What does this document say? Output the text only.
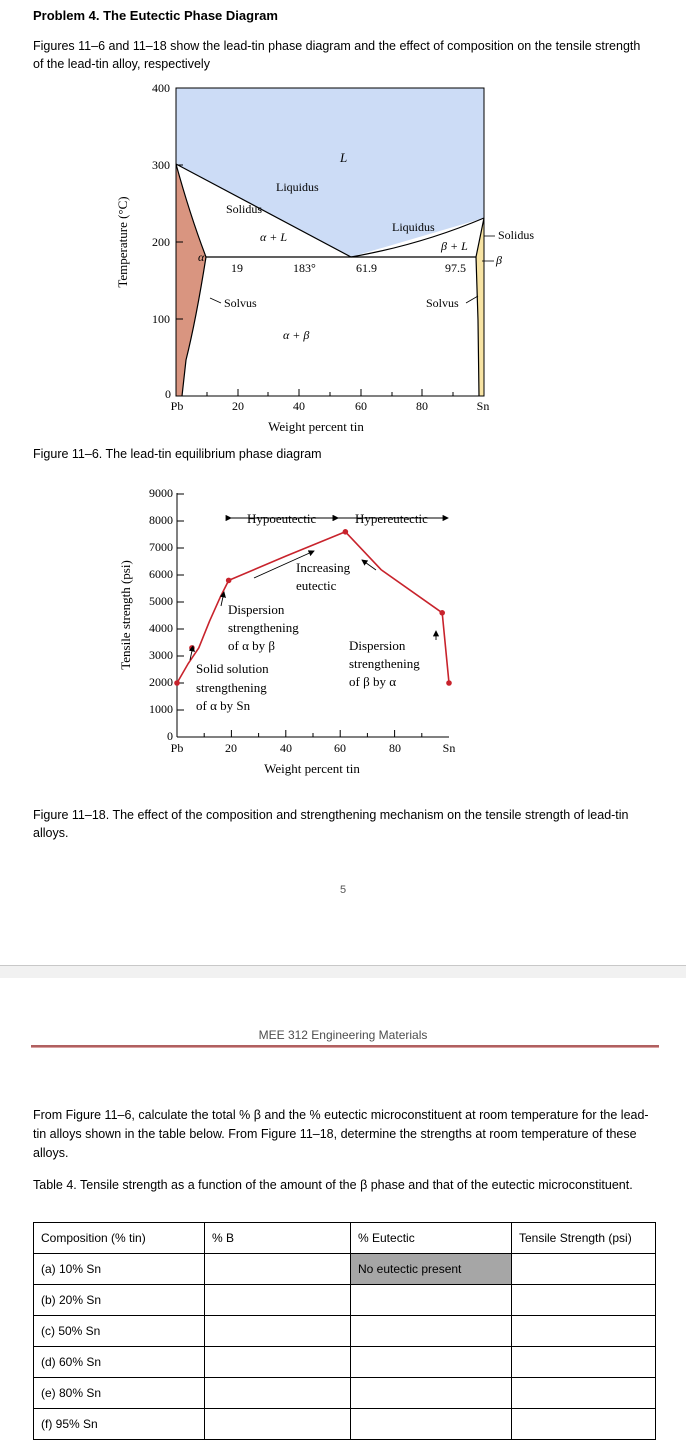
Problem 4. The Eutectic Phase Diagram
Figures 11–6 and 11–18 show the lead-tin phase diagram and the effect of composition on the tensile strength of the lead-tin alloy, respectively
400
300
200
100
0
Pb	20	40	60	80	Sn
Weight percent tin
Temperature (°C)
L
Liquidus
Solidus
α + L
α
Liquidus
β + L
Solidus
β
Solvus	Solvus
α + β
19	183°	61.9	97.5
Figure 11–6. The lead-tin equilibrium phase diagram
9000
8000
7000
6000
5000
4000
3000
2000
1000
0
Pb	20	40	60	80	Sn
Weight percent tin
Tensile strength (psi)
Hypoeutectic	Hypereutectic
Increasing
eutectic
Dispersion
strengthening
of α by β
Solid solution
strengthening
of α by Sn
Dispersion
strengthening
of β by α
Figure 11–18. The effect of the composition and strengthening mechanism on the tensile strength of lead-tin alloys.
5
MEE 312 Engineering Materials
From Figure 11–6, calculate the total % β and the % eutectic microconstituent at room temperature for the lead-tin alloys shown in the table below. From Figure 11–18, determine the strengths at room temperature of these alloys.
Table 4. Tensile strength as a function of the amount of the β phase and that of the eutectic microconstituent.
Composition (% tin)	% B	% Eutectic	Tensile Strength (psi)
(a) 10% Sn		No eutectic present	
(b) 20% Sn			
(c) 50% Sn			
(d) 60% Sn			
(e) 80% Sn			
(f) 95% Sn			
